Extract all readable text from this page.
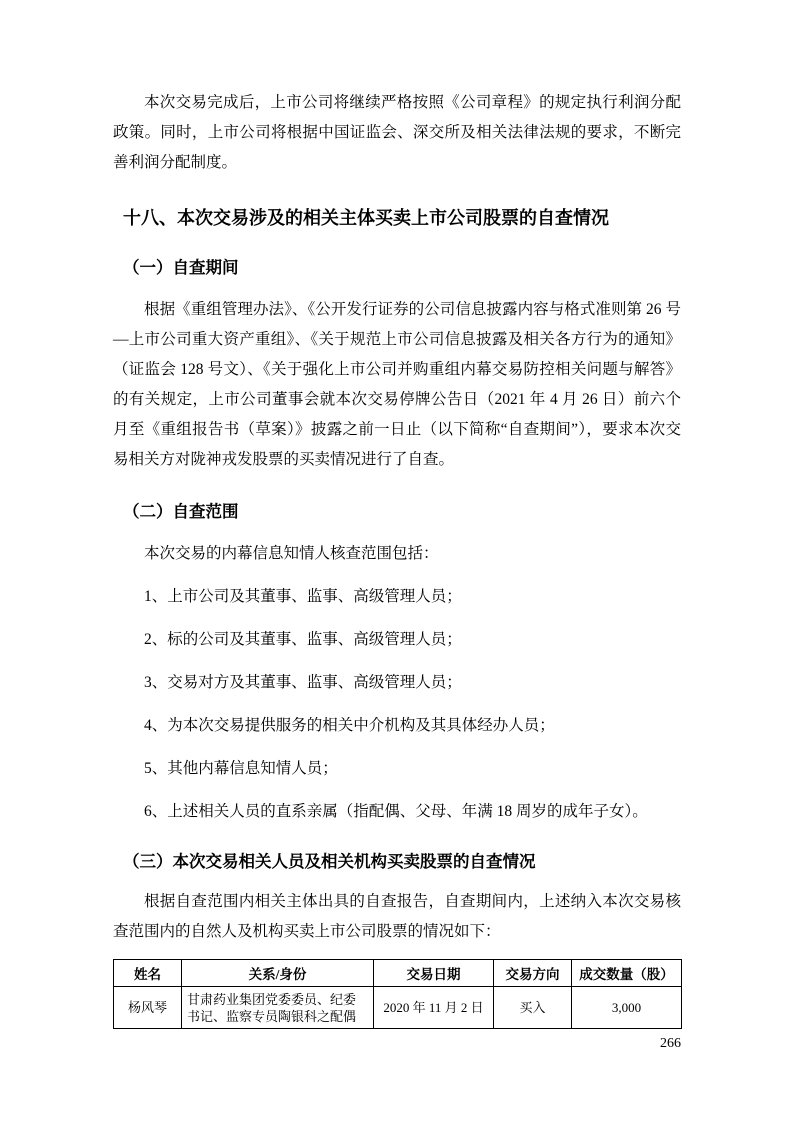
本次交易完成后，上市公司将继续严格按照《公司章程》的规定执行利润分配政策。同时，上市公司将根据中国证监会、深交所及相关法律法规的要求，不断完善利润分配制度。

十八、本次交易涉及的相关主体买卖上市公司股票的自查情况
（一）自查期间

根据《重组管理办法》、《公开发行证券的公司信息披露内容与格式准则第 26 号—上市公司重大资产重组》、《关于规范上市公司信息披露及相关各方行为的通知》（证监会 128 号文）、《关于强化上市公司并购重组内幕交易防控相关问题与解答》的有关规定，上市公司董事会就本次交易停牌公告日（2021 年 4 月 26 日）前六个月至《重组报告书（草案）》披露之前一日止（以下简称“自查期间”），要求本次交易相关方对陇神戎发股票的买卖情况进行了自查。

（二）自查范围

本次交易的内幕信息知情人核查范围包括：

1、上市公司及其董事、监事、高级管理人员；

2、标的公司及其董事、监事、高级管理人员；

3、交易对方及其董事、监事、高级管理人员；

4、为本次交易提供服务的相关中介机构及其具体经办人员；

5、其他内幕信息知情人员；

6、上述相关人员的直系亲属（指配偶、父母、年满 18 周岁的成年子女）。

（三）本次交易相关人员及相关机构买卖股票的自查情况

根据自查范围内相关主体出具的自查报告，自查期间内，上述纳入本次交易核查范围内的自然人及机构买卖上市公司股票的情况如下：

姓名	关系/身份	交易日期	交易方向	成交数量（股）
杨风琴	甘肃药业集团党委委员、纪委书记、监察专员陶银科之配偶	2020 年 11 月 2 日	买入	3,000
266
